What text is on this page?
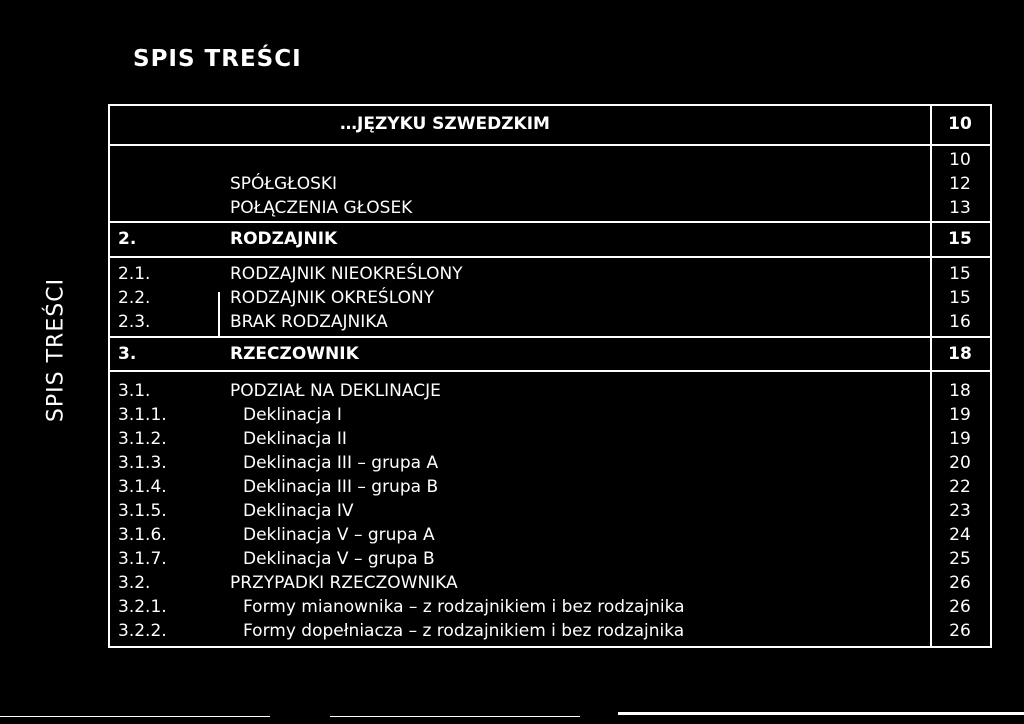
SPIS TREŚCI
SPIS TREŚCI
…JĘZYKU SZWEDZKIM	10
10
SPÓŁGŁOSKI	12
POŁĄCZENIA GŁOSEK	13
2.	RODZAJNIK	15
2.1.	RODZAJNIK NIEOKREŚLONY	15
2.2.	RODZAJNIK OKREŚLONY	15
2.3.	BRAK RODZAJNIKA	16
3.	RZECZOWNIK	18
3.1.	PODZIAŁ NA DEKLINACJE	18
3.1.1.	Deklinacja I	19
3.1.2.	Deklinacja II	19
3.1.3.	Deklinacja III – grupa A	20
3.1.4.	Deklinacja III – grupa B	22
3.1.5.	Deklinacja IV	23
3.1.6.	Deklinacja V – grupa A	24
3.1.7.	Deklinacja V – grupa B	25
3.2.	PRZYPADKI RZECZOWNIKA	26
3.2.1.	Formy mianownika – z rodzajnikiem i bez rodzajnika	26
3.2.2.	Formy dopełniacza – z rodzajnikiem i bez rodzajnika	26
